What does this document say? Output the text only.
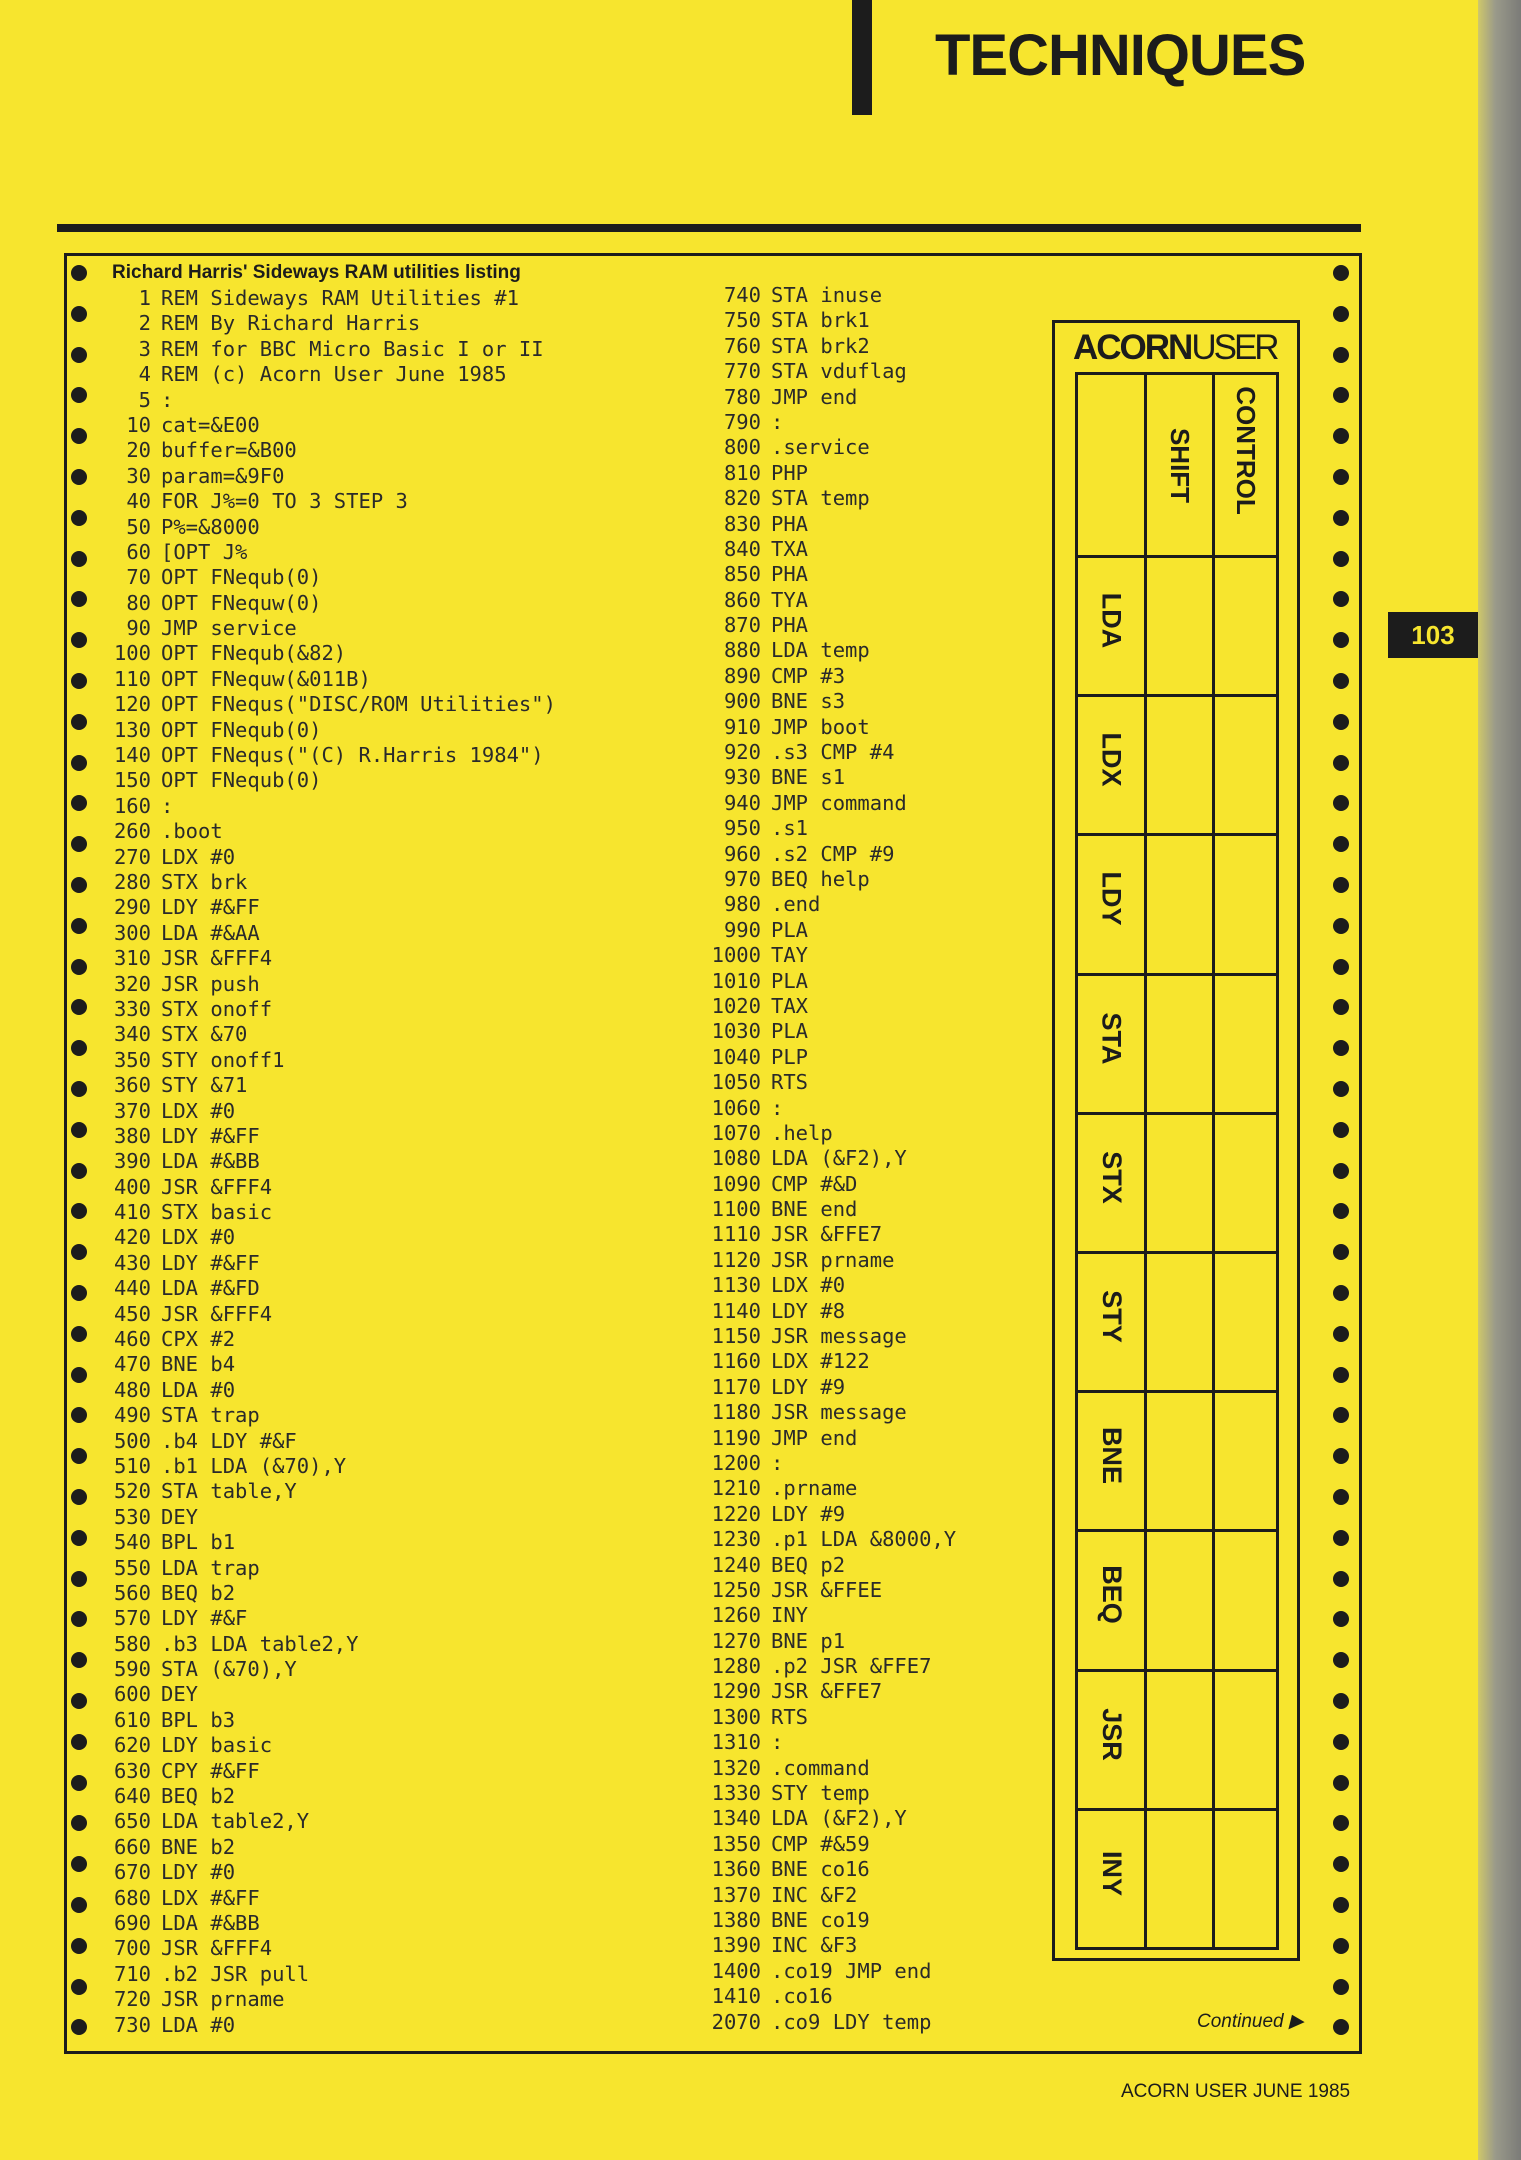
TECHNIQUES
103

Richard Harris' Sideways RAM utilities listing

1 REM Sideways RAM Utilities #1
2 REM By Richard Harris
3 REM for BBC Micro Basic I or II
4 REM (c) Acorn User June 1985
5 :
10 cat=&E00
20 buffer=&B00
30 param=&9F0
40 FOR J%=0 TO 3 STEP 3
50 P%=&8000
60 [OPT J%
70 OPT FNequb(0)
80 OPT FNequw(0)
90 JMP service
100 OPT FNequb(&82)
110 OPT FNequw(&011B)
120 OPT FNequs("DISC/ROM Utilities")
130 OPT FNequb(0)
140 OPT FNequs("(C) R.Harris 1984")
150 OPT FNequb(0)
160 :
260 .boot
270 LDX #0
280 STX brk
290 LDY #&FF
300 LDA #&AA
310 JSR &FFF4
320 JSR push
330 STX onoff
340 STX &70
350 STY onoff1
360 STY &71
370 LDX #0
380 LDY #&FF
390 LDA #&BB
400 JSR &FFF4
410 STX basic
420 LDX #0
430 LDY #&FF
440 LDA #&FD
450 JSR &FFF4
460 CPX #2
470 BNE b4
480 LDA #0
490 STA trap
500 .b4 LDY #&F
510 .b1 LDA (&70),Y
520 STA table,Y
530 DEY
540 BPL b1
550 LDA trap
560 BEQ b2
570 LDY #&F
580 .b3 LDA table2,Y
590 STA (&70),Y
600 DEY
610 BPL b3
620 LDY basic
630 CPY #&FF
640 BEQ b2
650 LDA table2,Y
660 BNE b2
670 LDY #0
680 LDX #&FF
690 LDA #&BB
700 JSR &FFF4
710 .b2 JSR pull
720 JSR prname
730 LDA #0
740 STA inuse
750 STA brk1
760 STA brk2
770 STA vduflag
780 JMP end
790 :
800 .service
810 PHP
820 STA temp
830 PHA
840 TXA
850 PHA
860 TYA
870 PHA
880 LDA temp
890 CMP #3
900 BNE s3
910 JMP boot
920 .s3 CMP #4
930 BNE s1
940 JMP command
950 .s1
960 .s2 CMP #9
970 BEQ help
980 .end
990 PLA
1000 TAY
1010 PLA
1020 TAX
1030 PLA
1040 PLP
1050 RTS
1060 :
1070 .help
1080 LDA (&F2),Y
1090 CMP #&D
1100 BNE end
1110 JSR &FFE7
1120 JSR prname
1130 LDX #0
1140 LDY #8
1150 JSR message
1160 LDX #122
1170 LDY #9
1180 JSR message
1190 JMP end
1200 :
1210 .prname
1220 LDY #9
1230 .p1 LDA &8000,Y
1240 BEQ p2
1250 JSR &FFEE
1260 INY
1270 BNE p1
1280 .p2 JSR &FFE7
1290 JSR &FFE7
1300 RTS
1310 :
1320 .command
1330 STY temp
1340 LDA (&F2),Y
1350 CMP #&59
1360 BNE co16
1370 INC &F2
1380 BNE co19
1390 INC &F3
1400 .co19 JMP end
1410 .co16
2070 .co9 LDY temp

ACORNUSER

SHIFT CONTROL
LDA
LDX
LDY
STA
STX
STY
BNE
BEQ
JSR
INY

Continued ▶

ACORN USER JUNE 1985
